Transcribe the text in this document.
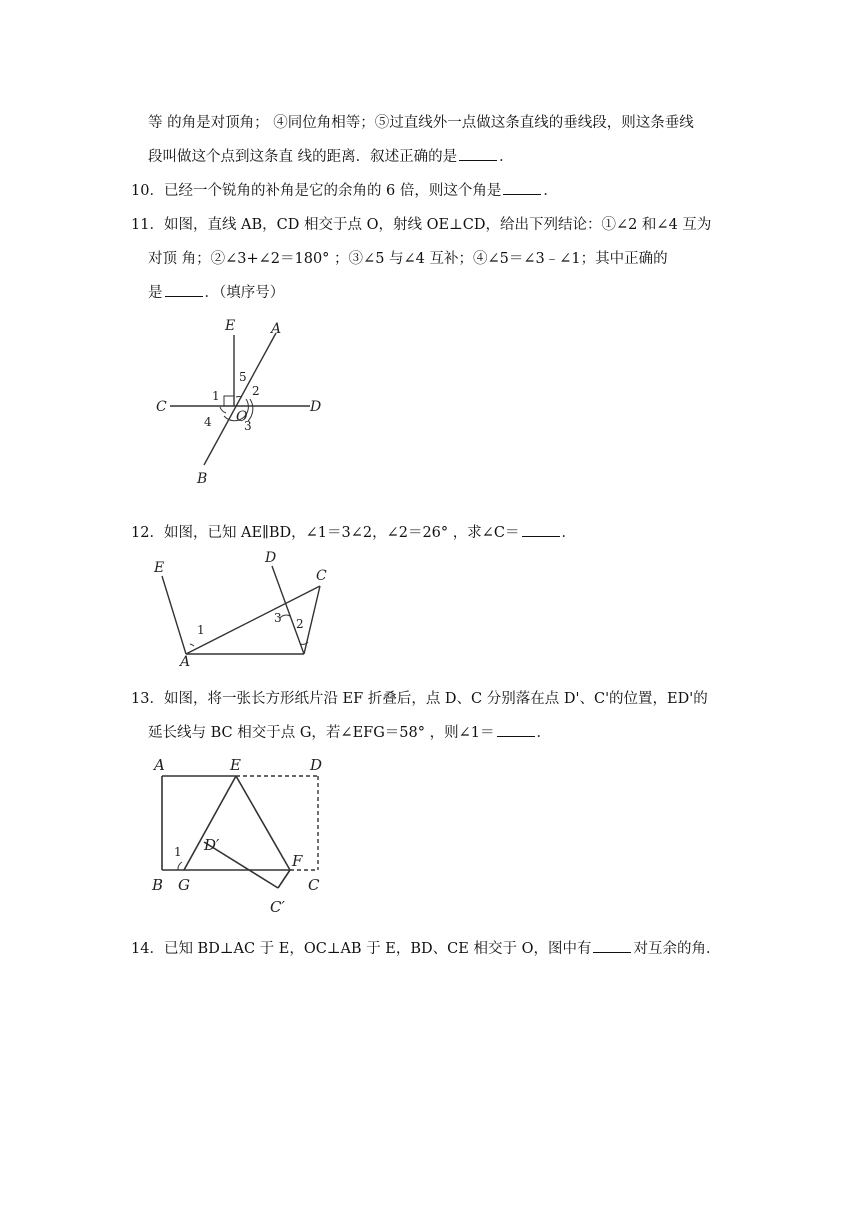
等 的角是对顶角； ④同位角相等；⑤过直线外一点做这条直线的垂线段，则这条垂线
段叫做这个点到这条直 线的距离．叙述正确的是	．
10．已经一个锐角的补角是它的余角的 6 倍，则这个角是	．
11．如图，直线 AB，CD 相交于点 O，射线 OE⊥CD，给出下列结论：①∠2 和∠4 互为
对顶 角；②∠3+∠2＝180° ；③∠5 与∠4 互补；④∠5＝∠3﹣∠1；其中正确的
是	．（填序号）
E	A
C	D
O
B
1
5
2
4	3
12．如图，已知 AE∥BD，∠1＝3∠2，∠2＝26° ，求∠C＝	．
E
D
C
A
1
3 2
13．如图，将一张长方形纸片沿 EF 折叠后，点 D、C 分别落在点 D'、C'的位置，ED'的
延长线与 BC 相交于点 G，若∠EFG＝58° ，则∠1＝	．
A	E	D
D′
F
B G	C
C′
1
14．已知 BD⊥AC 于 E，OC⊥AB 于 E，BD、CE 相交于 O，图中有	对互余的角．
